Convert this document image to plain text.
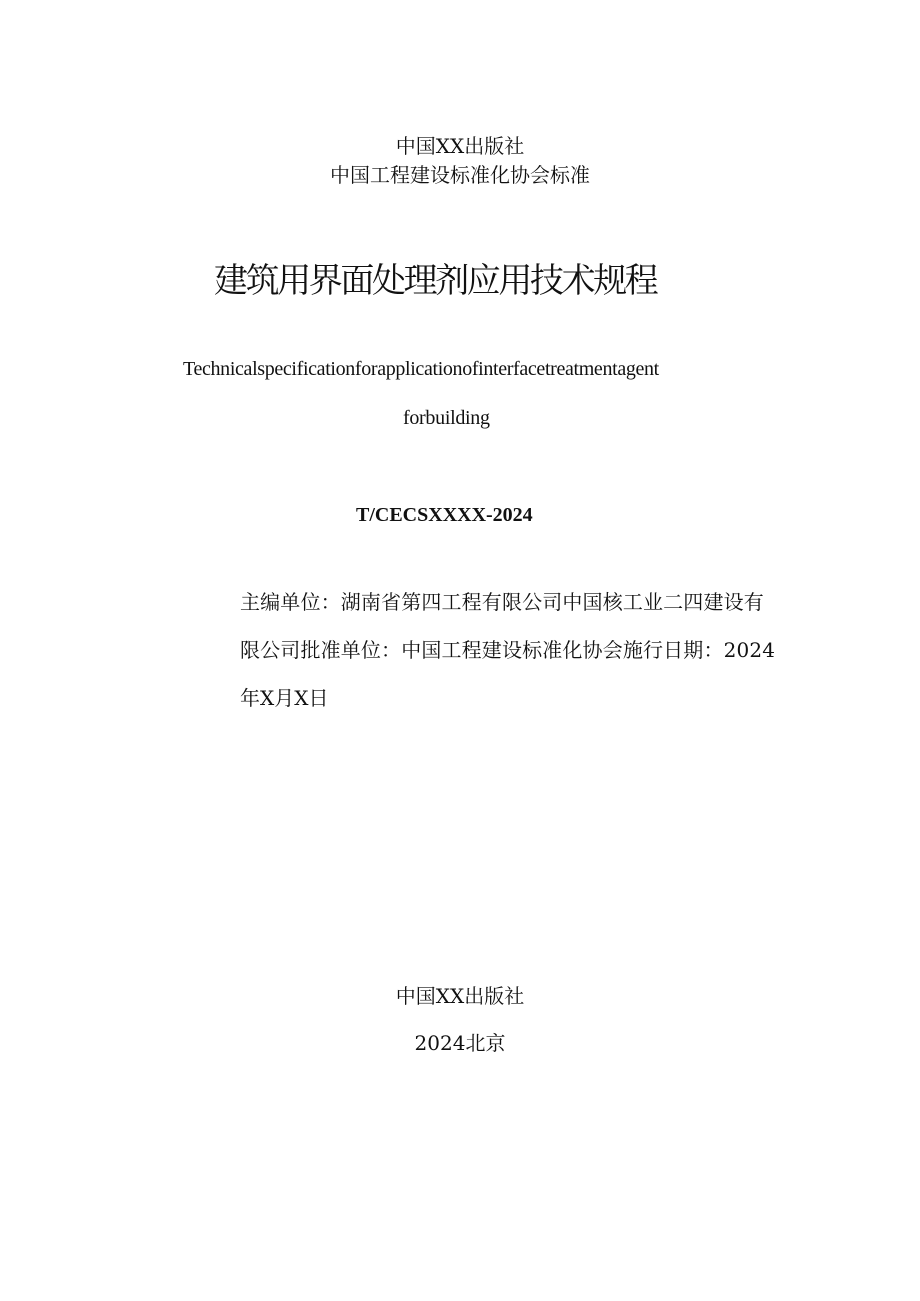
中国XX出版社
中国工程建设标准化协会标准
建筑用界面处理剂应用技术规程
Technicalspecificationforapplicationofinterfacetreatmentagent
forbuilding
T/CECSXXXX-2024
主编单位：湖南省第四工程有限公司中国核工业二四建设有
限公司批准单位：中国工程建设标准化协会施行日期：2024
年X月X日
中国XX出版社
2024北京
